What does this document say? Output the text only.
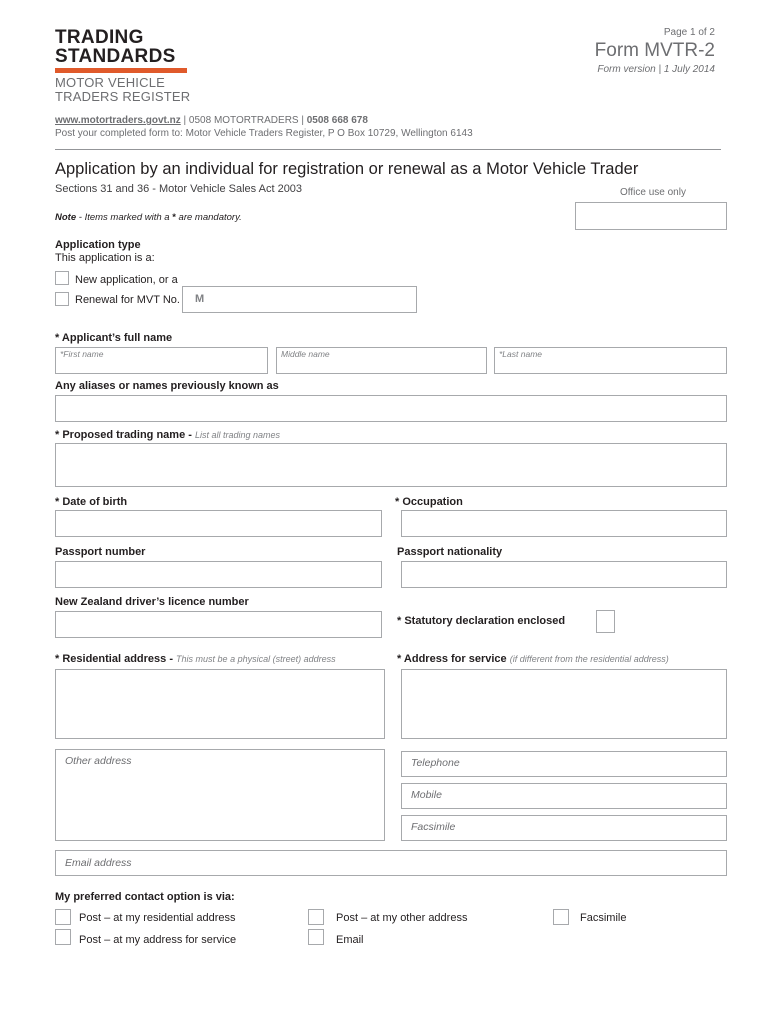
TRADING
STANDARDS
MOTOR VEHICLE
TRADERS REGISTER
Page 1 of 2
Form MVTR-2
Form version | 1 July 2014
www.motortraders.govt.nz | 0508 MOTORTRADERS | 0508 668 678
Post your completed form to: Motor Vehicle Traders Register, P O Box 10729, Wellington 6143
Application by an individual for registration or renewal as a Motor Vehicle Trader
Sections 31 and 36 - Motor Vehicle Sales Act 2003	Office use only
Note - Items marked with a * are mandatory.
Application type
This application is a:
New application, or a
Renewal for MVT No. M
* Applicant’s full name
*First name	Middle name	*Last name
Any aliases or names previously known as
* Proposed trading name - List all trading names
* Date of birth	* Occupation
Passport number	Passport nationality
New Zealand driver’s licence number
* Statutory declaration enclosed
* Residential address - This must be a physical (street) address	* Address for service (if different from the residential address)
Other address	Telephone
Mobile
Facsimile
Email address
My preferred contact option is via:
Post – at my residential address	Post – at my other address	Facsimile
Post – at my address for service	Email
